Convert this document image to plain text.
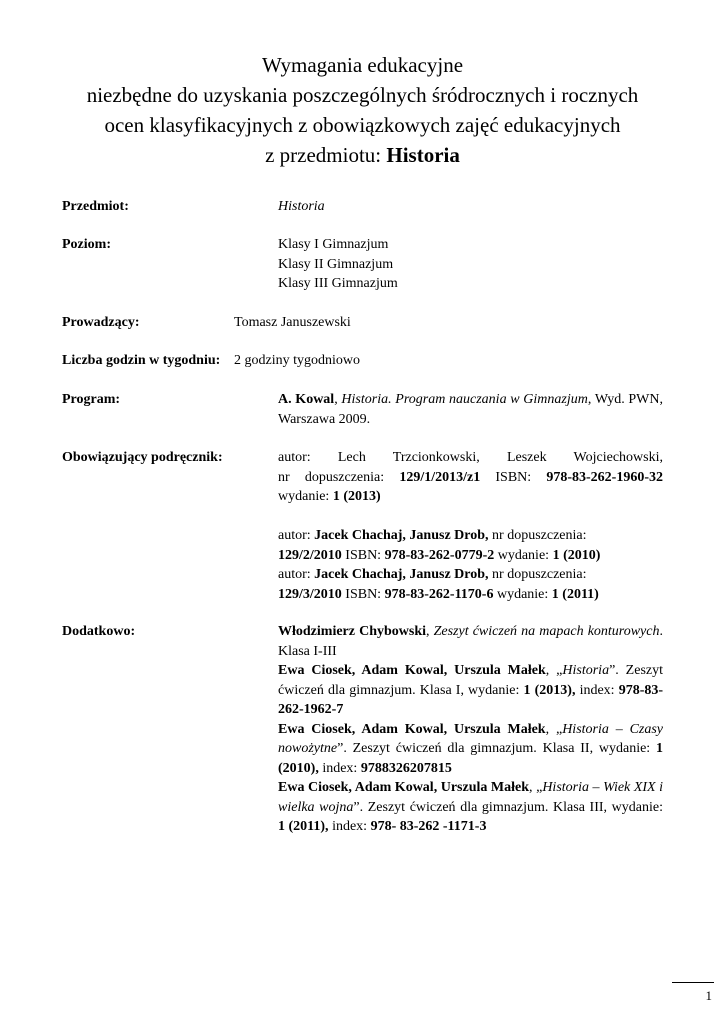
Wymagania edukacyjne
niezbędne do uzyskania poszczególnych śródrocznych i rocznych
ocen klasyfikacyjnych z obowiązkowych zajęć edukacyjnych
z przedmiotu: Historia
Przedmiot:	Historia
Poziom:	Klasy I Gimnazjum
Klasy II Gimnazjum
Klasy III Gimnazjum
Prowadzący:	Tomasz Januszewski
Liczba godzin w tygodniu: 2 godziny tygodniowo
Program:	A. Kowal, Historia. Program nauczania w Gimnazjum, Wyd. PWN, Warszawa 2009.
Obowiązujący podręcznik:	autor: Lech Trzcionkowski, Leszek Wojciechowski,
nr dopuszczenia: 129/1/2013/z1 ISBN: 978-83-262-1960-32
wydanie: 1 (2013)
autor: Jacek Chachaj, Janusz Drob, nr dopuszczenia:
129/2/2010 ISBN: 978-83-262-0779-2 wydanie: 1 (2010)
autor: Jacek Chachaj, Janusz Drob, nr dopuszczenia:
129/3/2010 ISBN: 978-83-262-1170-6 wydanie: 1 (2011)
Dodatkowo:	Włodzimierz Chybowski, Zeszyt ćwiczeń na mapach konturowych. Klasa I-III
Ewa Ciosek, Adam Kowal, Urszula Małek, „Historia”. Zeszyt ćwiczeń dla gimnazjum. Klasa I, wydanie: 1 (2013), index: 978-83-262-1962-7
Ewa Ciosek, Adam Kowal, Urszula Małek, „Historia – Czasy nowożytne”. Zeszyt ćwiczeń dla gimnazjum. Klasa II, wydanie: 1 (2010), index: 9788326207815
Ewa Ciosek, Adam Kowal, Urszula Małek, „Historia – Wiek XIX i wielka wojna”. Zeszyt ćwiczeń dla gimnazjum. Klasa III, wydanie: 1 (2011), index: 978- 83-262 -1171-3
1
